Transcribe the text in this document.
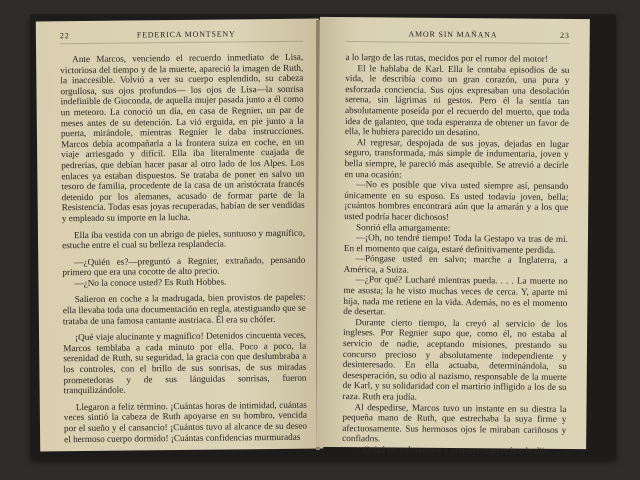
22	FEDERICA MONTSENY

Ante Marcos, venciendo el recuerdo inmediato de Lisa, victoriosa del tiempo y de la muerte, apareció la imagen de Ruth, la inaccesible. Volvió a ver su cuerpo esplendido, su cabeza orgullosa, sus ojos profundos— los ojos de Lisa—la sonrisa indefinible de Gioconda, de aquella mujer pasada junto a él como un meteoro. La conoció un día, en casa de Regnier, un par de meses antes de su detención. La vió erguida, en pie junto a la puerta, mirándole, mientras Regnier le daba instrucciones. Marcos debía acompañarla a la frontera suiza en coche, en un viaje arriesgado y difícil. Ella iba literalmente cuajada de pedrerías, que debían hacer pasar al otro lado de los Alpes. Los enlaces ya estaban dispuestos. Se trataba de poner en salvo un tesoro de familia, procedente de la casa de un aristócrata francés detenido por los alemanes, acusado de formar parte de la Resistencia. Todas esas joyas recuperadas, habían de ser vendidas y empleado su importe en la lucha.

Ella iba vestida con un abrigo de pieles, suntuoso y magnífico, estuche entre el cual su belleza resplandecía.

—¿Quién es?—preguntó a Regnier, extrañado, pensando primero que era una cocotte de alto precio.

—¿No la conoce usted? Es Ruth Hobbes.

Salieron en coche a la madrugada, bien provistos de papeles: ella llevaba toda una documentación en regla, atestiguando que se trataba de una famosa cantante austriaca. Él era su chófer.

¡Qué viaje alucinante y magnífico! Detenidos cincuenta veces, Marcos temblaba a cada minuto por ella. Poco a poco, la serenidad de Ruth, su seguridad, la gracia con que deslumbraba a los controles, con el brillo de sus sonrisas, de sus miradas prometedoras y de sus lánguidas sonrisas, fueron tranquilizándole.

Llegaron a feliz término. ¡Cuántas horas de intimidad, cuántas veces sintió la cabeza de Ruth apoyarse en su hombro, vencida por el sueño y el cansancio! ¡Cuántos tuvo al alcance de su deseo el hermoso cuerpo dormido! ¡Cuántas confidencias murmuradas

AMOR SIN MAÑANA	23

a lo largo de las rutas, mecidos por el rumor del motor!

El le hablaba de Karl. Ella le contaba episodios de su vida, le describía como un gran corazón, una pura y esforzada conciencia. Sus ojos expresaban una desolación serena, sin lágrimas ni gestos. Pero él la sentía tan absolutamente poseída por el recuerdo del muerto, que toda idea de galanteo, que toda esperanza de obtener un favor de ella, le hubiera parecido un desatino.

Al regresar, despojada de sus joyas, dejadas en lugar seguro, transformada, más simple de indumentaria, joven y bella siempre, le pareció más asequible. Se atrevió a decírle en una ocasión:

—No es posible que viva usted siempre así, pensando únicamente en su esposo. Es usted todavía joven, bella; ¡cuántos hombres encontrará aún que la amarán y a los que usted podría hacer dichosos!

Sonrió ella amargamente:

—¡Oh, no tendré tiempo! Toda la Gestapo va tras de mí. En el momento que caiga, estaré definitivamente perdida.

—Póngase usted en salvo; marche a Inglaterra, a América, a Suiza.

—¿Por qué? Lucharé mientras pueda. . . . La muerte no me asusta; la he visto muchas veces de cerca. Y, aparte mi hija, nada me retiene en la vida. Además, no es el momento de desertar.

Durante cierto tiempo, la creyó al servicio de los ingleses. Por Regnier supo que, como él, no estaba al servicio de nadie, aceptando misiones, prestando su concurso precioso y absolutamente independiente y desinteresado. En ella actuaba, determinándola, su desesperación, su odio al nazismo, responsable de la muerte de Karl, y su solidaridad con el martirio infligido a los de su raza. Ruth era judía.

Al despedirse, Marcos tuvo un instante en su diestra la pequeña mano de Ruth, que estrechaba la suya firme y afectuosamente. Sus hermosos ojos le miraban cariñosos y confiados.

—Quizá no volveremos a vernos nunca más—le dijo
